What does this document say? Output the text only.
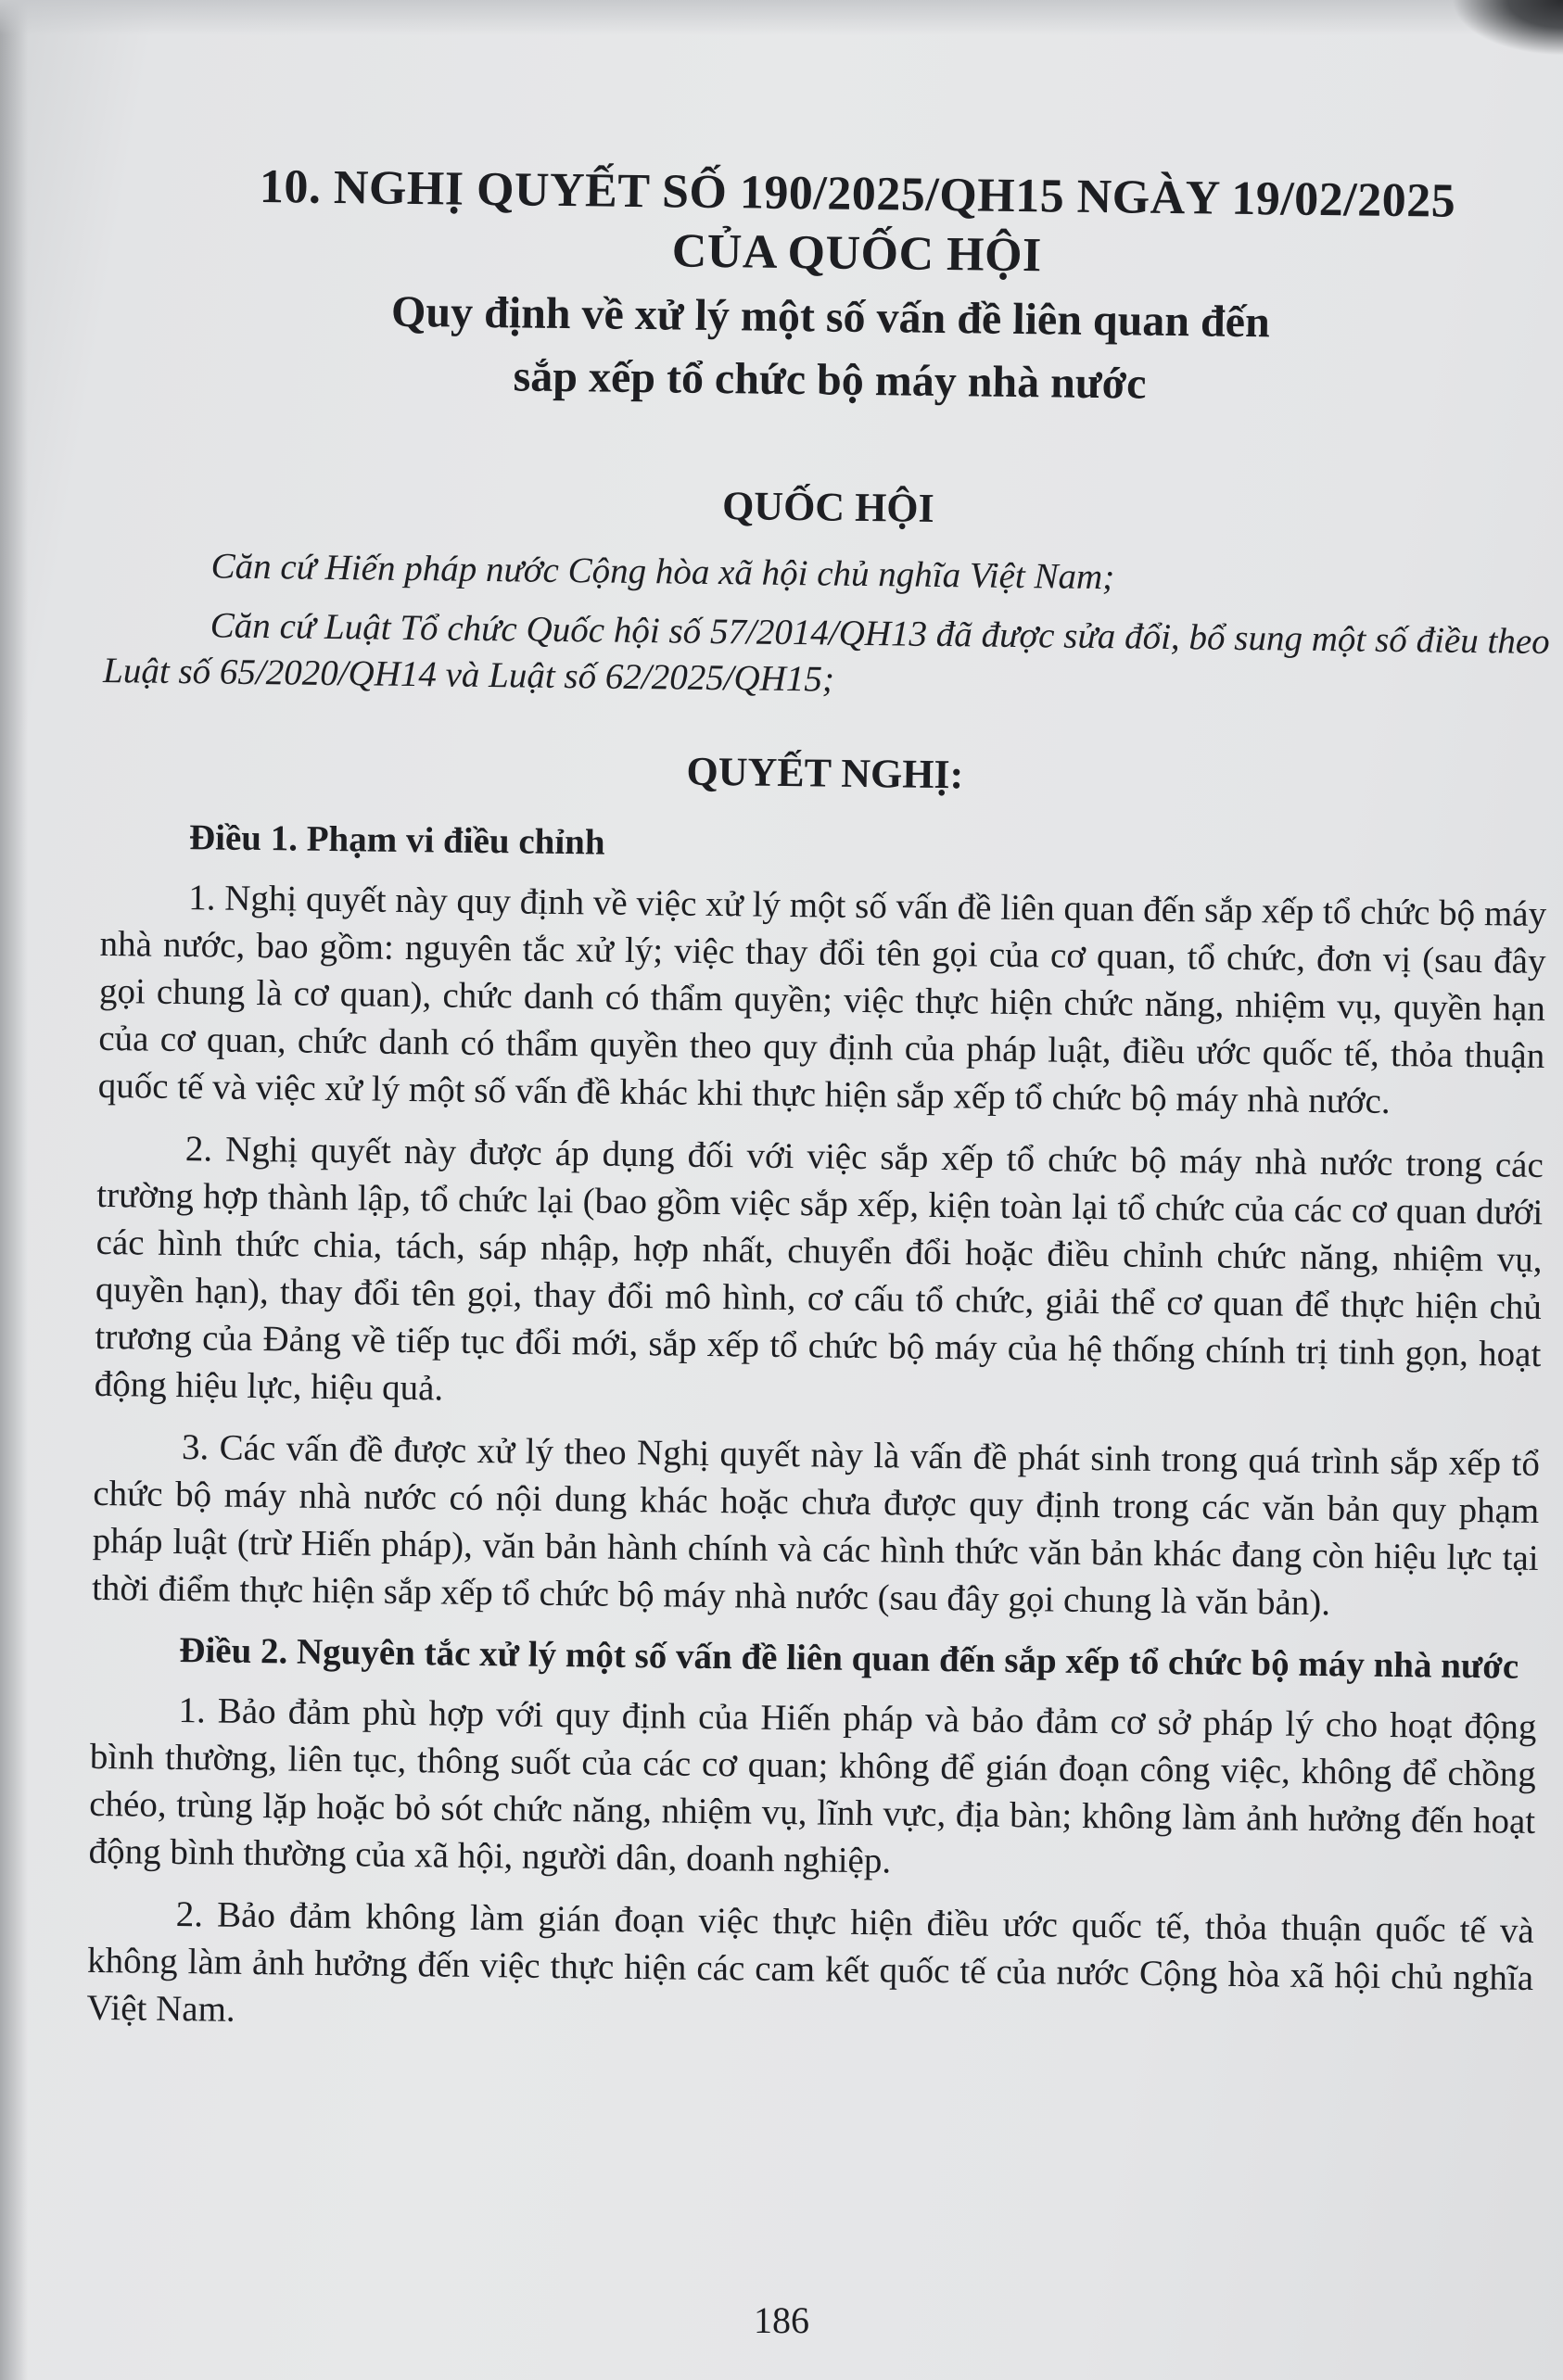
10. NGHỊ QUYẾT SỐ 190/2025/QH15 NGÀY 19/02/2025
CỦA QUỐC HỘI
Quy định về xử lý một số vấn đề liên quan đến
sắp xếp tổ chức bộ máy nhà nước
QUỐC HỘI

Căn cứ Hiến pháp nước Cộng hòa xã hội chủ nghĩa Việt Nam;

Căn cứ Luật Tổ chức Quốc hội số 57/2014/QH13 đã được sửa đổi, bổ sung một số điều theo Luật số 65/2020/QH14 và Luật số 62/2025/QH15;

QUYẾT NGHỊ:
Điều 1. Phạm vi điều chỉnh

1. Nghị quyết này quy định về việc xử lý một số vấn đề liên quan đến sắp xếp tổ chức bộ máy nhà nước, bao gồm: nguyên tắc xử lý; việc thay đổi tên gọi của cơ quan, tổ chức, đơn vị (sau đây gọi chung là cơ quan), chức danh có thẩm quyền; việc thực hiện chức năng, nhiệm vụ, quyền hạn của cơ quan, chức danh có thẩm quyền theo quy định của pháp luật, điều ước quốc tế, thỏa thuận quốc tế và việc xử lý một số vấn đề khác khi thực hiện sắp xếp tổ chức bộ máy nhà nước.

2. Nghị quyết này được áp dụng đối với việc sắp xếp tổ chức bộ máy nhà nước trong các trường hợp thành lập, tổ chức lại (bao gồm việc sắp xếp, kiện toàn lại tổ chức của các cơ quan dưới các hình thức chia, tách, sáp nhập, hợp nhất, chuyển đổi hoặc điều chỉnh chức năng, nhiệm vụ, quyền hạn), thay đổi tên gọi, thay đổi mô hình, cơ cấu tổ chức, giải thể cơ quan để thực hiện chủ trương của Đảng về tiếp tục đổi mới, sắp xếp tổ chức bộ máy của hệ thống chính trị tinh gọn, hoạt động hiệu lực, hiệu quả.

3. Các vấn đề được xử lý theo Nghị quyết này là vấn đề phát sinh trong quá trình sắp xếp tổ chức bộ máy nhà nước có nội dung khác hoặc chưa được quy định trong các văn bản quy phạm pháp luật (trừ Hiến pháp), văn bản hành chính và các hình thức văn bản khác đang còn hiệu lực tại thời điểm thực hiện sắp xếp tổ chức bộ máy nhà nước (sau đây gọi chung là văn bản).

Điều 2. Nguyên tắc xử lý một số vấn đề liên quan đến sắp xếp tổ chức bộ máy nhà nước

1. Bảo đảm phù hợp với quy định của Hiến pháp và bảo đảm cơ sở pháp lý cho hoạt động bình thường, liên tục, thông suốt của các cơ quan; không để gián đoạn công việc, không để chồng chéo, trùng lặp hoặc bỏ sót chức năng, nhiệm vụ, lĩnh vực, địa bàn; không làm ảnh hưởng đến hoạt động bình thường của xã hội, người dân, doanh nghiệp.

2. Bảo đảm không làm gián đoạn việc thực hiện điều ước quốc tế, thỏa thuận quốc tế và không làm ảnh hưởng đến việc thực hiện các cam kết quốc tế của nước Cộng hòa xã hội chủ nghĩa Việt Nam.

186
